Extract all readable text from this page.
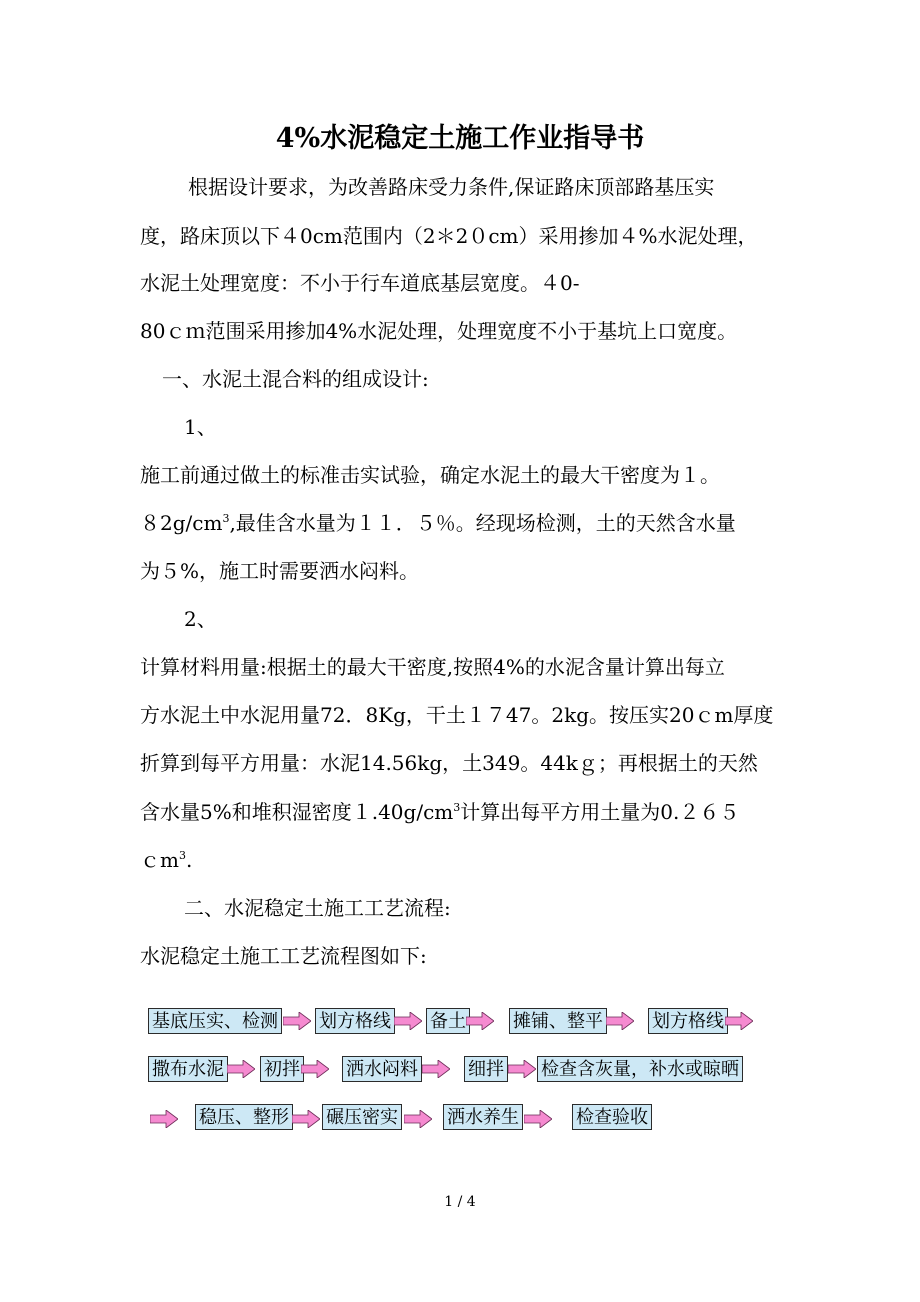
4%水泥稳定土施工作业指导书
根据设计要求，为改善路床受力条件,保证路床顶部路基压实
度，路床顶以下４0cm范围内（2＊2０cm）采用掺加４%水泥处理，
水泥土处理宽度：不小于行车道底基层宽度。４0-
80ｃｍ范围采用掺加4%水泥处理，处理宽度不小于基坑上口宽度。
一、水泥土混合料的组成设计:
1、
施工前通过做土的标准击实试验，确定水泥土的最大干密度为１。
$82g/cm^3$,最佳含水量为１１．５％。经现场检测，土的天然含水量
为５%，施工时需要洒水闷料。
2、
计算材料用量:根据土的最大干密度,按照4%的水泥含量计算出每立
方水泥土中水泥用量72．8Kg，干土１７47。2kg。按压实20ｃm厚度
折算到每平方用量：水泥14.56kg，土349。44kｇ；再根据土的天然
含水量5%和堆积湿密度$1.40g/cm^3$计算出每平方用土量为0.２６５
ｃm$^3$.
二、水泥稳定土施工工艺流程:
水泥稳定土施工工艺流程图如下:
基底压实、检测 划方格线 备土	摊铺、整平	划方格线
撒布水泥 初拌	洒水闷料	细拌 检查含灰量，补水或晾晒
稳压、整形 碾压密实	洒水养生	检查验收
1 / 4
